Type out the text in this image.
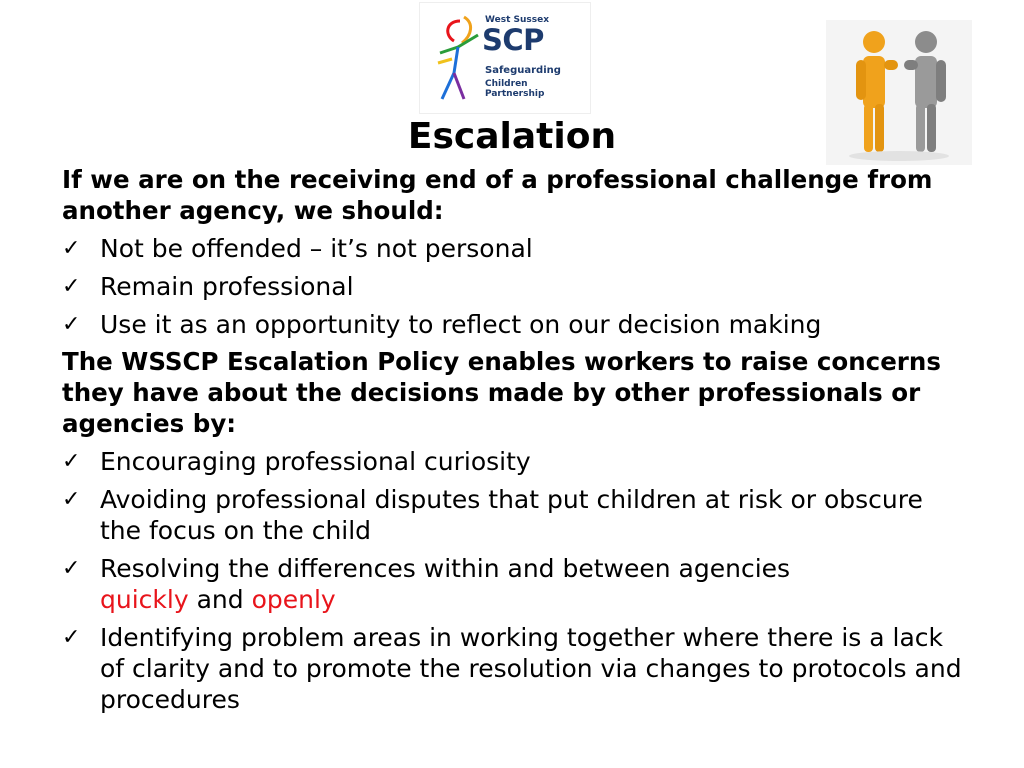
West Sussex
SCP
Safeguarding
Children Partnership
Escalation

If we are on the receiving end of a professional challenge from another agency, we should:

✓ Not be offended – it’s not personal
✓ Remain professional
✓ Use it as an opportunity to reflect on our decision making

The WSSCP Escalation Policy enables workers to raise concerns they have about the decisions made by other professionals or agencies by:

✓ Encouraging professional curiosity
✓ Avoiding professional disputes that put children at risk or obscure the focus on the child
✓ Resolving the differences within and between agencies
quickly and openly
✓ Identifying problem areas in working together where there is a lack of clarity and to promote the resolution via changes to protocols and procedures
